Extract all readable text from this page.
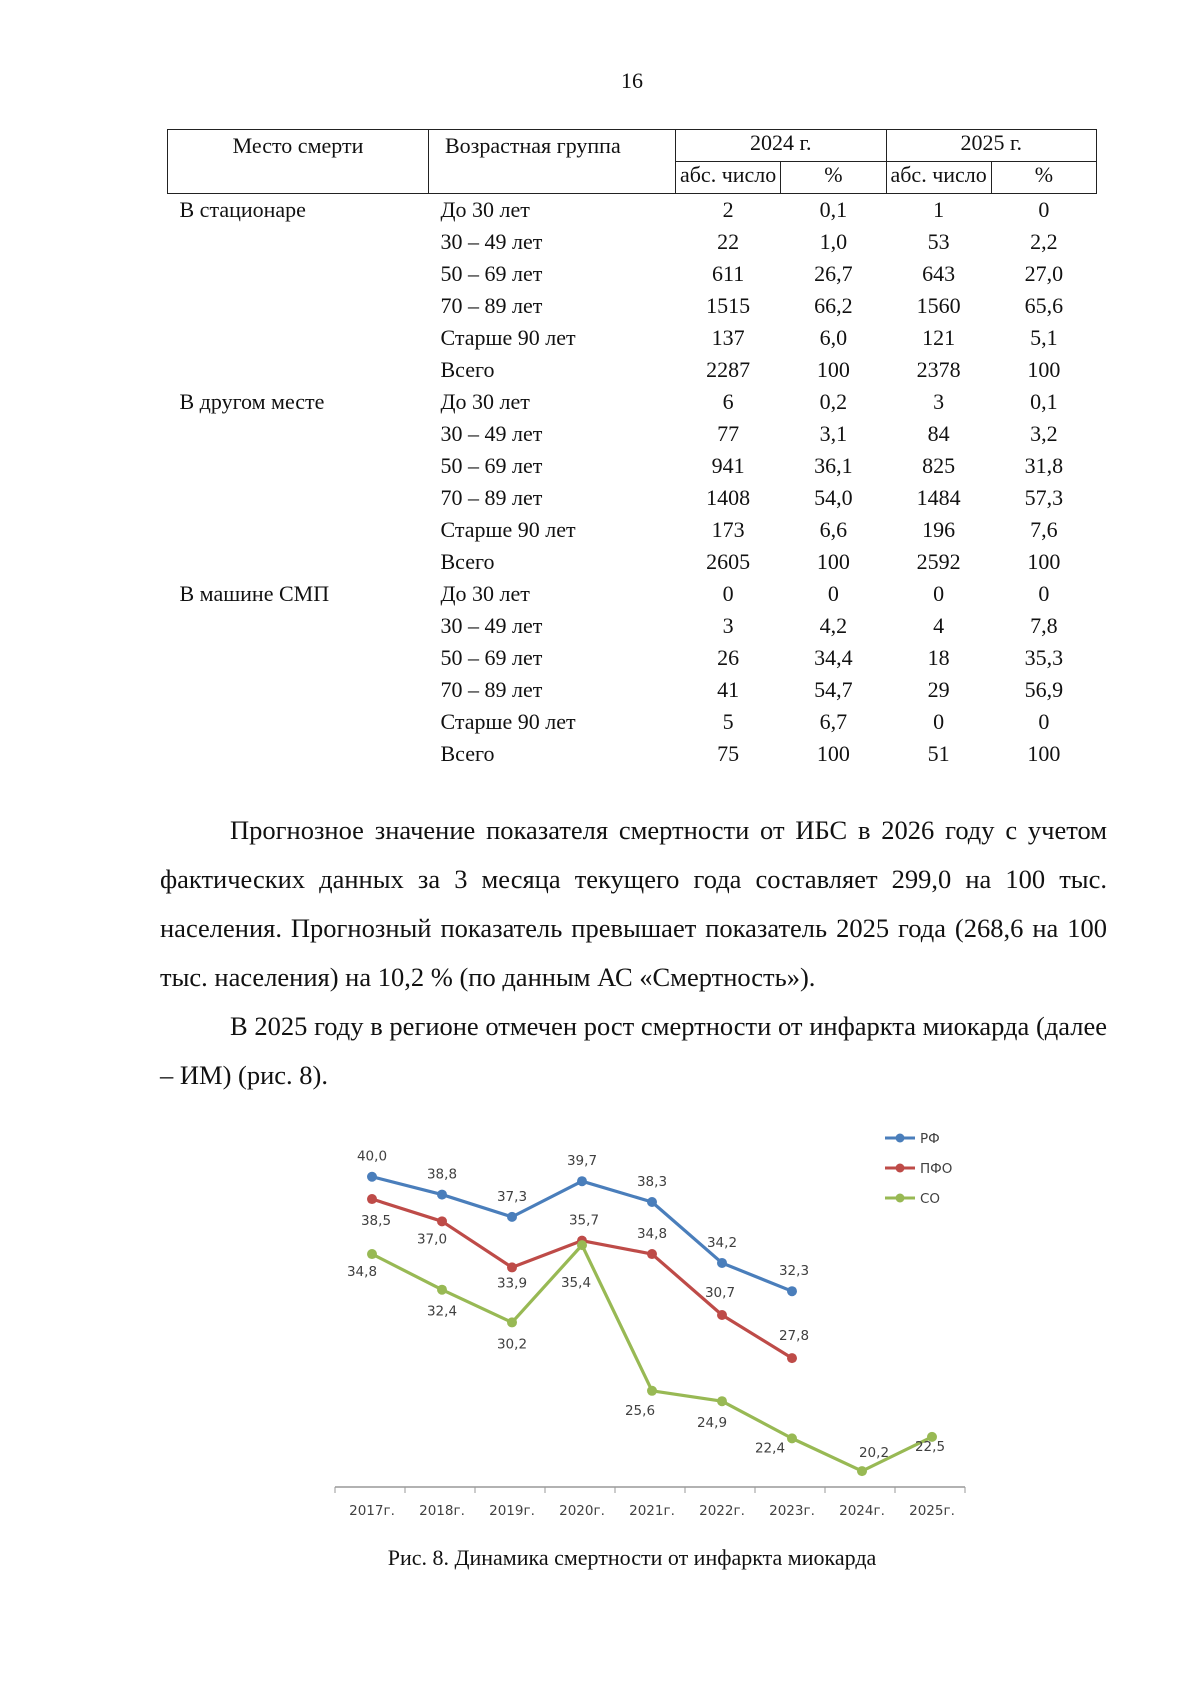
16
Место смерти	Возрастная группа	2024 г.		2025 г.	
		абс. число	%	абс. число	%
В стационаре	До 30 лет	2	0,1	1	0
	30 – 49 лет	22	1,0	53	2,2
	50 – 69 лет	611	26,7	643	27,0
	70 – 89 лет	1515	66,2	1560	65,6
	Старше 90 лет	137	6,0	121	5,1
	Всего	2287	100	2378	100
В другом месте	До 30 лет	6	0,2	3	0,1
	30 – 49 лет	77	3,1	84	3,2
	50 – 69 лет	941	36,1	825	31,8
	70 – 89 лет	1408	54,0	1484	57,3
	Старше 90 лет	173	6,6	196	7,6
	Всего	2605	100	2592	100
В машине СМП	До 30 лет	0	0	0	0
	30 – 49 лет	3	4,2	4	7,8
	50 – 69 лет	26	34,4	18	35,3
	70 – 89 лет	41	54,7	29	56,9
	Старше 90 лет	5	6,7	0	0
	Всего	75	100	51	100

Прогнозное значение показателя смертности от ИБС в 2026 году с учетом фактических данных за 3 месяца текущего года составляет 299,0 на 100 тыс. населения. Прогнозный показатель превышает показатель 2025 года (268,6 на 100 тыс. населения) на 10,2 % (по данным АС «Смертность»).

В 2025 году в регионе отмечен рост смертности от инфаркта миокарда (далее – ИМ) (рис. 8).

2017г. 2018г. 2019г. 2020г. 2021г. 2022г. 2023г. 2024г. 2025г.
40,0
38,8
37,3
39,7
38,3
34,2
32,3
38,5
37,0
33,9
35,7
34,8
30,7
27,8
34,8
32,4
30,2
35,4
25,6
24,9
22,4	20,2 22,5
РФ
ПФО
СО
Рис. 8. Динамика смертности от инфаркта миокарда
